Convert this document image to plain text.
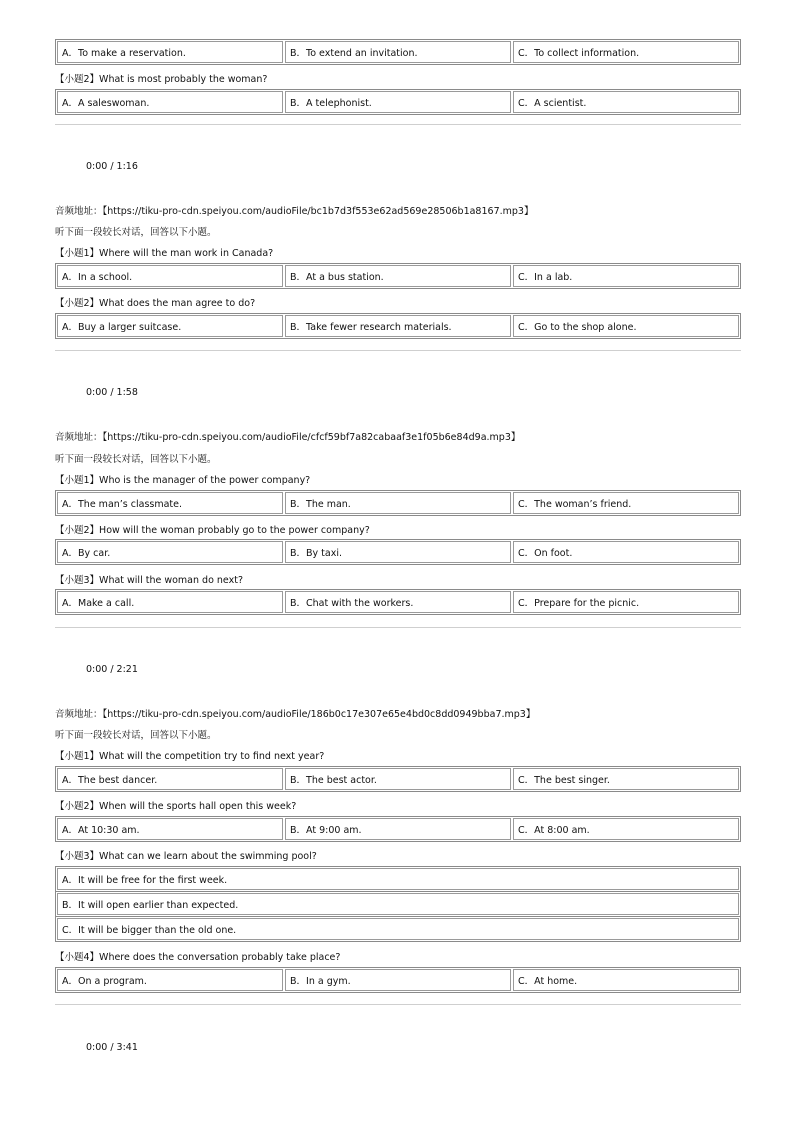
A．To make a reservation.	B．To extend an invitation.	C．To collect information.
【小题2】What is most probably the woman?
A．A saleswoman.	B．A telephonist.	C．A scientist.
0:00 / 1:16
音频地址：【https://tiku-pro-cdn.speiyou.com/audioFile/bc1b7d3f553e62ad569e28506b1a8167.mp3】
听下面一段较长对话，回答以下小题。
【小题1】Where will the man work in Canada?
A．In a school.	B．At a bus station.	C．In a lab.
【小题2】What does the man agree to do?
A．Buy a larger suitcase.	B．Take fewer research materials.	C．Go to the shop alone.
0:00 / 1:58
音频地址：【https://tiku-pro-cdn.speiyou.com/audioFile/cfcf59bf7a82cabaaf3e1f05b6e84d9a.mp3】
听下面一段较长对话，回答以下小题。
【小题1】Who is the manager of the power company?
A．The man’s classmate.	B．The man.	C．The woman’s friend.
【小题2】How will the woman probably go to the power company?
A．By car.	B．By taxi.	C．On foot.
【小题3】What will the woman do next?
A．Make a call.	B．Chat with the workers.	C．Prepare for the picnic.
0:00 / 2:21
音频地址：【https://tiku-pro-cdn.speiyou.com/audioFile/186b0c17e307e65e4bd0c8dd0949bba7.mp3】
听下面一段较长对话，回答以下小题。
【小题1】What will the competition try to find next year?
A．The best dancer.	B．The best actor.	C．The best singer.
【小题2】When will the sports hall open this week?
A．At 10:30 am.	B．At 9:00 am.	C．At 8:00 am.
【小题3】What can we learn about the swimming pool?
A．It will be free for the first week.
B．It will open earlier than expected.
C．It will be bigger than the old one.
【小题4】Where does the conversation probably take place?
A．On a program.	B．In a gym.	C．At home.
0:00 / 3:41
